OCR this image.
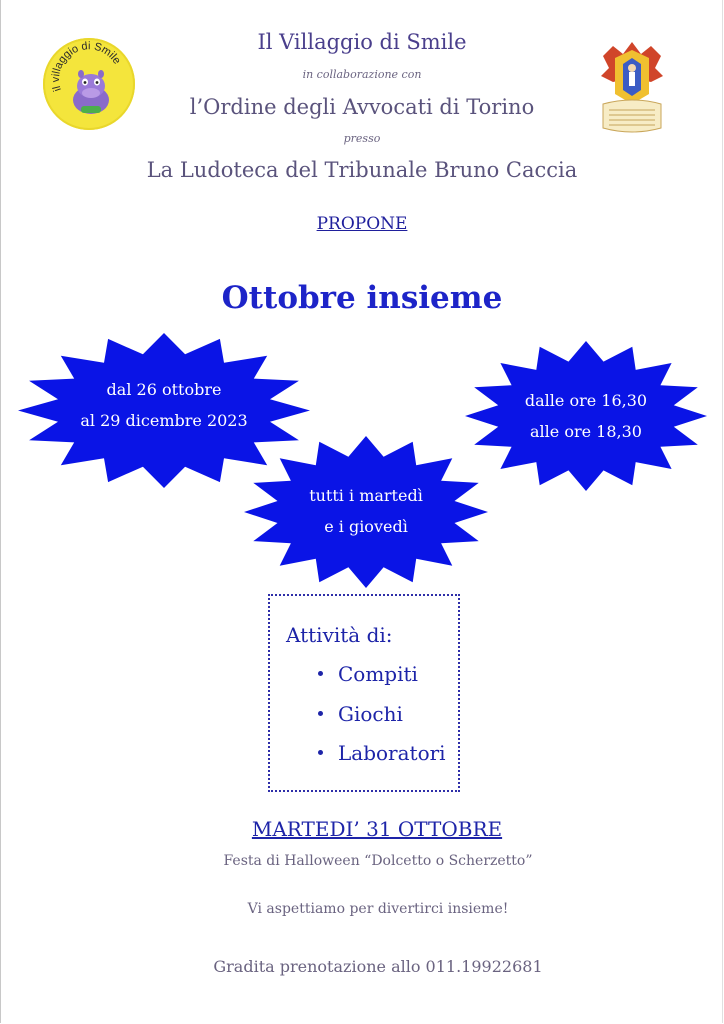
il villaggio di Smile
Il Villaggio di Smile
in collaborazione con
l’Ordine degli Avvocati di Torino
presso
La Ludoteca del Tribunale Bruno Caccia
PROPONE
Ottobre insieme
dal 26 ottobre
al 29 dicembre 2023
dalle ore 16,30
alle ore 18,30
tutti i martedì
e i giovedì
Attività di:
Compiti
Giochi
Laboratori
MARTEDI’ 31 OTTOBRE
Festa di Halloween “Dolcetto o Scherzetto”
Vi aspettiamo per divertirci insieme!
Gradita prenotazione allo 011.19922681
